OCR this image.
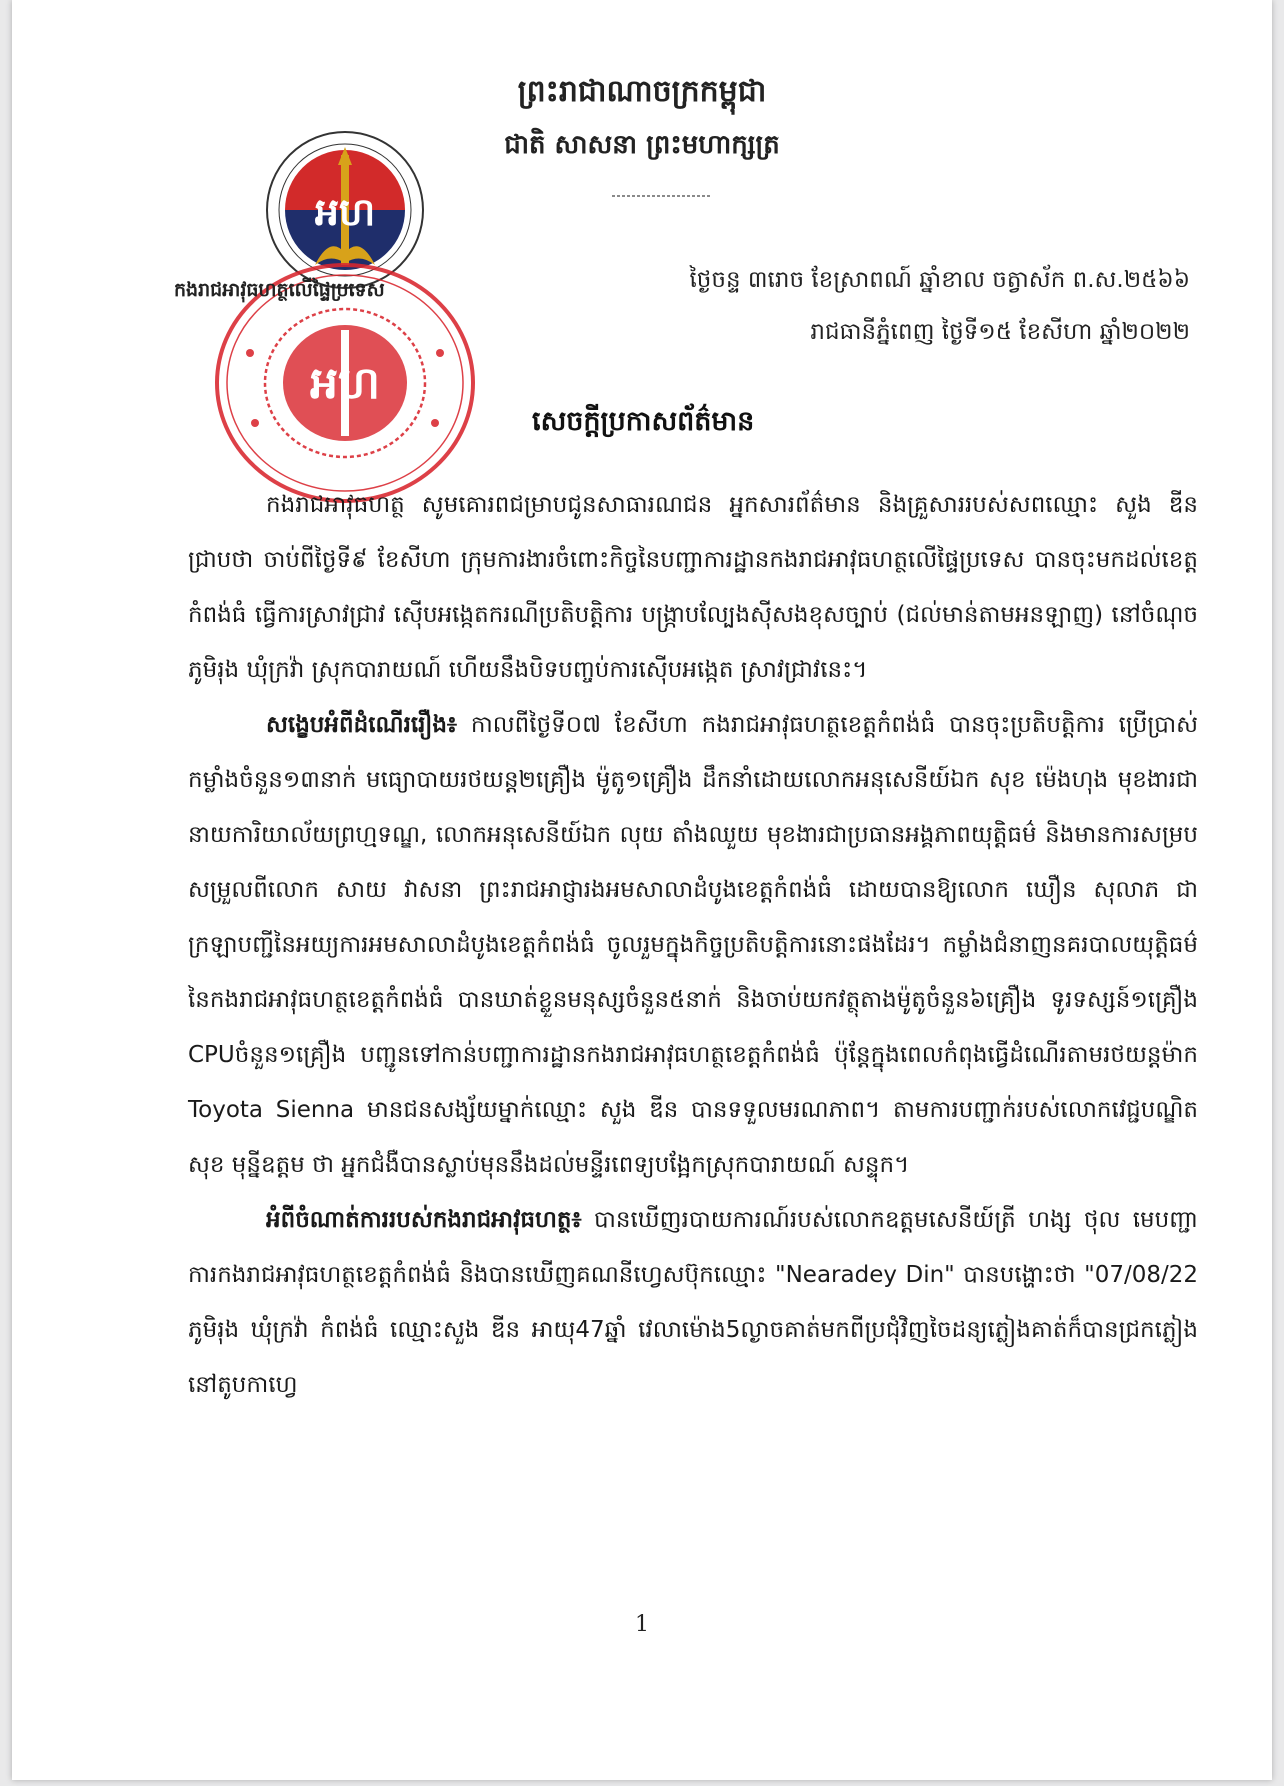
ព្រះរាជាណាចក្រកម្ពុជា
ជាតិ សាសនា ព្រះមហាក្សត្រ
អហ
អហ
កងរាជអាវុធហត្ថលើផ្ទៃប្រទេស	ថ្ងៃចន្ទ ៣រោច ខែស្រាពណ៍ ឆ្នាំខាល ចត្វាស័ក ព.ស.២៥៦៦
រាជធានីភ្នំពេញ ថ្ងៃទី១៥ ខែសីហា ឆ្នាំ២០២២
សេចក្តីប្រកាសព័ត៌មាន

កងរាជអាវុធហត្ថ សូមគោរពជម្រាបជូនសាធារណជន អ្នកសារព័ត៌មាន និងគ្រួសាររបស់សពឈ្មោះ សួង ឌីន ជ្រាបថា ចាប់ពីថ្ងៃទី៩ ខែសីហា ក្រុមការងារចំពោះកិច្ចនៃបញ្ជាការដ្ឋានកងរាជអាវុធហត្ថលើផ្ទៃប្រទេស បានចុះមកដល់ខេត្តកំពង់ធំ ធ្វើការស្រាវជ្រាវ ស៊ើបអង្កេតករណីប្រតិបត្តិការ បង្ក្រាបល្បែងស៊ីសងខុសច្បាប់ (ជល់មាន់តាមអនឡាញ) នៅចំណុចភូមិរុង ឃុំក្រវ៉ា ស្រុកបារាយណ៍ ហើយនឹងបិទបញ្ចប់ការស៊ើបអង្កេត ស្រាវជ្រាវនេះ។

សង្ខេបអំពីដំណើររឿង៖ កាលពីថ្ងៃទី០៧ ខែសីហា កងរាជអាវុធហត្ថខេត្តកំពង់ធំ បានចុះប្រតិបត្តិការ ប្រើប្រាស់កម្លាំងចំនួន១៣នាក់ មធ្យោបាយរថយន្ត២គ្រឿង ម៉ូតូ១គ្រឿង ដឹកនាំដោយលោកអនុសេនីយ៍ឯក សុខ ម៉េងហុង មុខងារជានាយការិយាល័យព្រហ្មទណ្ឌ, លោកអនុសេនីយ៍ឯក លុយ តាំងឈួយ មុខងារជាប្រធានអង្គភាពយុត្តិធម៌ និងមានការសម្របសម្រួលពីលោក សាយ វាសនា ព្រះរាជអាជ្ញារងអមសាលាដំបូងខេត្តកំពង់ធំ ដោយបានឱ្យលោក ឃឿន សុលាភ ជាក្រឡាបញ្ជីនៃអយ្យការអមសាលាដំបូងខេត្តកំពង់ធំ ចូលរួមក្នុងកិច្ចប្រតិបត្តិការនោះផងដែរ។ កម្លាំងជំនាញនគរបាលយុត្តិធម៌នៃកងរាជអាវុធហត្ថខេត្តកំពង់ធំ បានឃាត់ខ្លួនមនុស្សចំនួន៥នាក់ និងចាប់យកវត្ថុតាងម៉ូតូចំនួន៦គ្រឿង ទូរទស្សន៍១គ្រឿង CPUចំនួន១គ្រឿង បញ្ជូនទៅកាន់បញ្ជាការដ្ឋានកងរាជអាវុធហត្ថខេត្តកំពង់ធំ ប៉ុន្តែក្នុងពេលកំពុងធ្វើដំណើរតាមរថយន្តម៉ាក Toyota Sienna មានជនសង្ស័យម្នាក់ឈ្មោះ សួង ឌីន បានទទួលមរណភាព។ តាមការបញ្ជាក់របស់លោកវេជ្ជបណ្ឌិត សុខ មុន្នីឧត្តម ថា អ្នកជំងឺបានស្លាប់មុននឹងដល់មន្ទីរពេទ្យបង្អែកស្រុកបារាយណ៍ សន្ទុក។

អំពីចំណាត់ការរបស់កងរាជអាវុធហត្ថ៖ បានឃើញរបាយការណ៍របស់លោកឧត្តមសេនីយ៍ត្រី ហង្ស ថុល មេបញ្ជាការកងរាជអាវុធហត្ថខេត្តកំពង់ធំ និងបានឃើញគណនីហ្វេសប៊ុកឈ្មោះ "Nearadey Din" បានបង្ហោះថា "07/08/22 ភូមិរុង ឃុំក្រវ៉ា កំពង់ធំ ឈ្មោះសួង ឌីន អាយុ47ឆ្នាំ វេលាម៉ោង5ល្ងាចគាត់មកពីប្រជុំវិញចៃដន្យភ្លៀងគាត់ក៏បានជ្រកភ្លៀងនៅតូបកាហ្វេ

1
